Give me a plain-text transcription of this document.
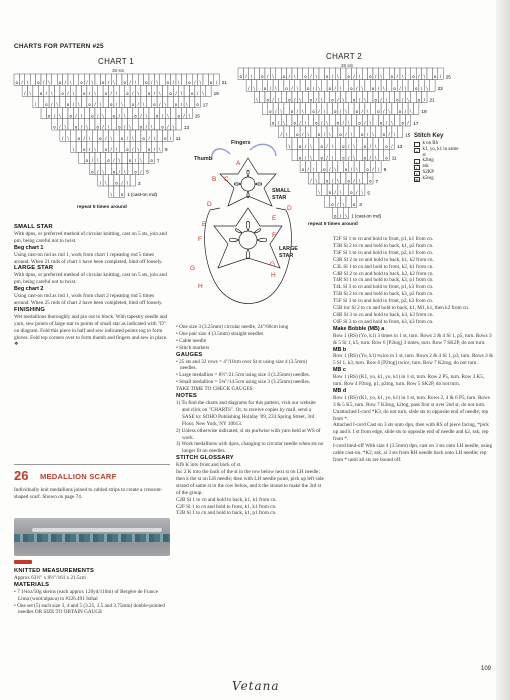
CHARTS FOR PATTERN #25
CHART 1
38 sts
o / \ o / \ o / \ o / \ o / \ o / \ o / \ o / \ o / \ o / 21
/ \ o / \ o / \ o / \ o / \ o / \ o / \ o / \ o / \ 19
\ o / \ o / \ o / \ o / \ o / \ o / \ o / \ o 17
o / \ o / \ o / \ o / \ o / \ o / \ o / \ 15
o / \ o / \ o / \ o / \ o / \ o / \ 13
/ \ o / \ o / \ o / \ o / \ o / 11
\ o / \ o / \ o / \ o / \ 9
o / \ o / \ o / \ o 7
o / \ o / \ o / 5
/ \ o / \ 3
\ o 1 (cast-on rnd)
repeat 5 times around
CHART 2
38 sts
o / \ o / \ o / \ o / \ o / \ o / \ o / \ o / \ o / \ o / 25
/ \ o / \ o / \ o / \ o / \ o / \ o / \ o / \ o / \ 23
\ o / \ o / \ o / \ o / \ o / \ o / \ o / \ o / 21
o / \ o / \ o / \ o / \ o / \ o / \ o / \ 19
o / \ o / \ o / \ o / \ o / \ o / \ o / 17
/ \ o / \ o / \ o / \ o / \ o / \ 15
\ o / \ o / \ o / \ o / \ o / 13
o / \ o / \ o / \ o / \ o 11
o / \ o / \ o / \ o / \ 9
/ \ o / \ o / \ o 7
\ o / \ o / \ 5
o / \ o 3
o / \ 1 (cast-on rnd)
repeat 5 times around
Stitch Key
k on RS
o k1, yo, k1 in same st
/	k2tog
\	ssk
Λ S2KP
⊠ k5tog
Fingers
Thumb
SMALL STAR
LARGE STAR
A
B C
D
D
E
E
F
F
G
G
H
H

SMALL STAR

With dpns, or preferred method of circular knitting, cast on 5 sts, join and pm, being careful not to twist.

Beg chart 1

Using cast-on rnd as rnd 1, work from chart 1 repeating rnd 5 times around. When 21 rnds of chart 1 have been completed, bind off loosely.

LARGE STAR

With dpns, or preferred method of circular knitting, cast on 5 sts, join and pm, being careful not to twist.

Beg chart 2

Using cast-on rnd as rnd 1, work from chart 2 repeating rnd 5 times around. When 25 rnds of chart 2 have been completed, bind off loosely.

FINISHING

Wet medallions thoroughly and pin out to block. With tapestry needle and yarn, sew points of large star to points of small star as indicated with "D" on diagram. Fold this piece in half and sew indicated points tog to form gloves. Fold top corners over to form thumb and fingers and sew in place. ❖

26 MEDALLION SCARF

Individually knit medallions joined to cabled strips to create a crescent-shaped scarf. Shown on page 74.

KNITTED MEASUREMENTS

Approx 63½" x 8½"/161 x 21.5cm

MATERIALS

• 7 1¾oz/50g skeins (each approx 120yd/110m) of Bergère de France Lima (wool/alpaca) in #226.491 Isthal

• One set (5) each size 3, 4 and 5 (3.25, 3.5 and 3.75mm) double-pointed needles OR SIZE TO OBTAIN GAUGE

• One size 3 (3.25mm) circular needle, 24"/60cm long

• One pair size 4 (3.5mm) straight needles

• Cable needle

• Stitch markers

GAUGES

• 25 sts and 32 rows = 4"/10cm over St st using size 4 (3.5mm) needles.

• Large medallion = 8½"/21.5cm using size 3 (3.25mm) needles.

• Small medallion = 5¾"/14.5cm using size 3 (3.25mm) needles.

TAKE TIME TO CHECK GAUGES.

NOTES

1) To find the charts and diagrams for this pattern, visit our website and click on "CHARTS". Or, to receive copies by mail, send a SASE to: SOHO Publishing Holiday '09, 233 Spring Street, 3rd Floor, New York, NY 10013.

2) Unless otherwise indicated, sl sts purlwise with yarn held at WS of work.

3) Work medallions with dpns, changing to circular needle when sts no longer fit on needles.

STITCH GLOSSARY

Kfb K into front and back of st.

Inc 2 K into the back of the st in the row below next st on LH needle; then k the st on LH needle; then with LH needle point, pick up left side strand of same st in the row below, and k the strand to make the 3rd st of the group.

C2B Sl 1 to cn and hold to back, k1, k1 from cn.

C2F Sl 1 to cn and hold to front, k1, k1 from cn.

T2B Sl 1 to cn and hold to back, k1, p1 from cn.

T2F Sl 1 to cn and hold to front, p1, k1 from cn.

T3B Sl 2 to cn and hold to back, k1, p2 from cn.

T3F Sl 1 to cn and hold to front, p2, k1 from cn.

C3R Sl 2 to cn and hold to back, k1, k2 from cn.

C3L Sl 1 to cn and hold to front, k2, k1 from cn.

C4B Sl 2 to cn and hold to back, k2, k2 from cn.

T4R Sl 1 to cn and hold to back, k3, p1 from cn.

T4L Sl 3 to cn and hold to front, p1, k3 from cn.

T5B Sl 2 to cn and hold to back, k3, p2 from cn.

T5F Sl 3 to cn and hold to front, p2, k3 from cn.

C5B inc Sl 2 to cn and hold to back, k1, M1, k1, then k2 from cn.

C6B Sl 3 to cn and hold to back, k3, k3 from cn.

C6F Sl 3 to cn and hold to front, k3, k3 from cn.

Make Bobble (MB) a

Row 1 (RS) (Yo, k1) 3 times in 1 st, turn. Rows 2 & 4 Sl 1, p5, turn. Rows 3 & 5 Sl 1, k5, turn. Row 6 [P2tog] 3 times, turn. Row 7 SK2P, do not turn.

MB b

Row 1 (RS) (Yo, k1) twice in 1 st, turn. Rows 2 & 4 Sl 1, p3, turn. Rows 3 & 5 Sl 1, k3, turn. Row 6 [P2tog] twice, turn. Row 7 K2tog, do not turn.

MB c

Row 1 (RS) (K1, yo, k1, yo, k1) in 1 st, turn. Row 2 P5, turn. Row 3 K5, turn. Row 4 P2tog, p1, p2tog, turn. Row 5 SK2P, do not turn.

MB d

Row 1 (RS) (K1, yo, k1, yo, k1) in 1 st, turn. Rows 2, 4 & 6 P5, turn. Rows 3 & 5 K5, turn. Row 7 K3tog, k2tog, pass first st over 2nd st, do not turn.

Unattached I-cord *K3, do not turn, slide sts to opposite end of needle; rep from *.

Attached I-cord Cast on 3 sts onto dpn, then with RS of piece facing, *pick up and k 1 st from edge, slide sts to opposite end of needle and k2, ssk; rep from *.

I-cord bind-off With size 4 (3.5mm) dpn, cast on 3 sts onto LH needle, using cable cast-on. *K2, ssk, sl 3 sts from RH needle back onto LH needle; rep from * until all sts are bound off.

109
Vetana
